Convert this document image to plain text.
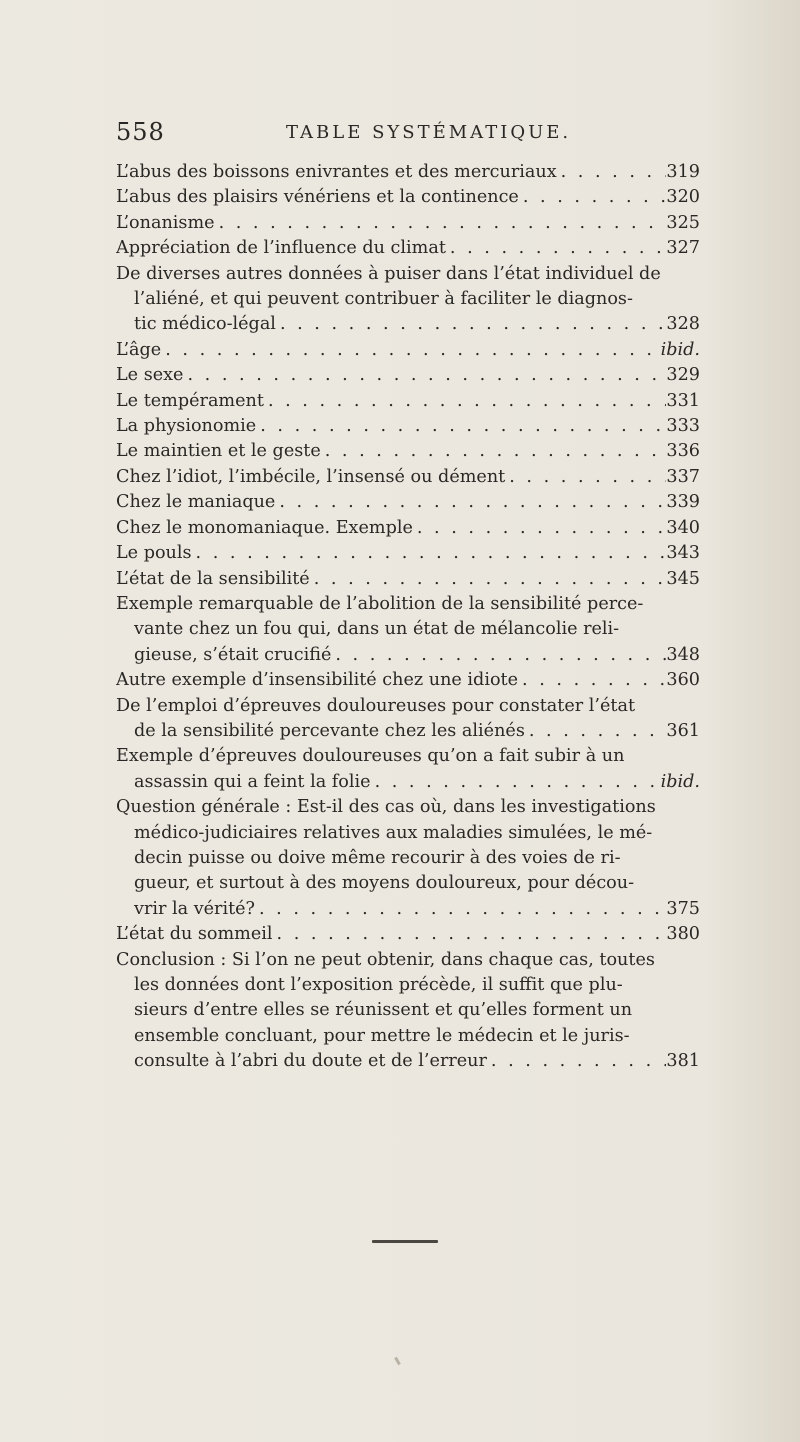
558	TABLE SYSTÉMATIQUE.
L’abus des boissons enivrantes et des mercuriaux . . .	319
L’abus des plaisirs vénériens et la continence . . .	320
L’onanisme . . .	325
Appréciation de l’influence du climat . . .	327
De diverses autres données à puiser dans l’état individuel de
l’aliéné, et qui peuvent contribuer à faciliter le diagnos-
tic médico-légal . . .	328
L’âge . . .	ibid.
Le sexe . . .	329
Le tempérament . . .	331
La physionomie . . .	333
Le maintien et le geste . . .	336
Chez l’idiot, l’imbécile, l’insensé ou dément . . .	337
Chez le maniaque . . .	339
Chez le monomaniaque. Exemple . . .	340
Le pouls . . .	343
L’état de la sensibilité . . .	345
Exemple remarquable de l’abolition de la sensibilité perce-
vante chez un fou qui, dans un état de mélancolie reli-
gieuse, s’était crucifié . . .	348
Autre exemple d’insensibilité chez une idiote . . .	360
De l’emploi d’épreuves douloureuses pour constater l’état
de la sensibilité percevante chez les aliénés . . .	361
Exemple d’épreuves douloureuses qu’on a fait subir à un
assassin qui a feint la folie . . .	ibid.
Question générale : Est-il des cas où, dans les investigations
médico-judiciaires relatives aux maladies simulées, le mé-
decin puisse ou doive même recourir à des voies de ri-
gueur, et surtout à des moyens douloureux, pour décou-
vrir la vérité? . . .	375
L’état du sommeil . . .	380
Conclusion : Si l’on ne peut obtenir, dans chaque cas, toutes
les données dont l’exposition précède, il suffit que plu-
sieurs d’entre elles se réunissent et qu’elles forment un
ensemble concluant, pour mettre le médecin et le juris-
consulte à l’abri du doute et de l’erreur . . .	381
